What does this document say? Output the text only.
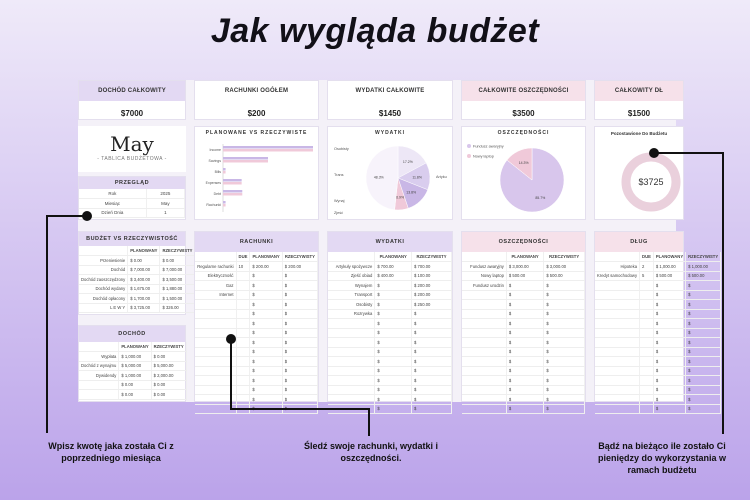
Jak wygląda budżet
DOCHÓD CAŁKOWITY
$7000
RACHUNKI OGÓŁEM
$200
WYDATKI CAŁKOWITE
$1450
CAŁKOWITE OSZCZĘDNOŚCI
$3500
CAŁKOWITY DŁ
$1500
May
- TABLICA BUDŻETOWA -
PRZEGLĄD
Rok	2025
Miesiąc	May
Dzień Dnia	1
PLANOWANE VS RZECZYWISTE
Income
Savings
Bills
Expenses
Debt
Rachunki
WYDATKI
17.2%
11.8%
13.8%
6.9%
48.3%
Osobisty
Trans
Wynaj
Zjeść
Artyku
OSZCZĘDNOŚCI
85.7%
14.3%
Fundusz awaryjny
Nowy laptop
Pozostawione Do Budżetu
$3725
BUDŻET VS RZECZYWISTOŚĆ
	PLANOWANY	RZECZYWISTY
Przeniesienie	$ 0.00	$ 0.00
Dochód	$ 7,000.00	$ 7,000.00
Dochód zaoszczędzony	$ 3,400.00	$ 3,500.00
Dochód wydany	$ 1,675.00	$ 1,880.00
Dochód opłacony	$ 1,700.00	$ 1,500.00
L E W Y	$ 3,725.00	$ 326.00
DOCHÓD
	PLANOWANY	RZECZYWISTY
Wypłata	$ 1,000.00	$ 0.00
Dochód z wynajmu	$ 5,000.00	$ 5,000.00
Dywidendy	$ 1,000.00	$ 2,000.00
	$ 0.00	$ 0.00
	$ 0.00	$ 0.00
RACHUNKI
	DUE	PLANOWANY	RZECZYWISTY
Regularne rachunki	10	$ 200.00	$ 200.00
Elektryczność		$	$
Gaz		$	$
Internet		$	$
		$	$
		$	$
		$	$
		$	$
		$	$
		$	$
		$	$
		$	$
		$	$
		$	$
		$	$

WYDATKI
	PLANOWANY	RZECZYWISTY
Artykuły spożywcze	$ 700.00	$ 700.00
Zjeść obiad	$ 400.00	$ 100.00
Wynajem	$	$ 200.00
Transport	$	$ 200.00
Osobisty	$	$ 250.00
Rozrywka	$	$
	$	$
	$	$
	$	$
	$	$
	$	$
	$	$
	$	$
	$	$
	$	$
	$	$
OSZCZĘDNOŚCI
	PLANOWANY	RZECZYWISTY
Fundusz awaryjny	$ 3,000.00	$ 3,000.00
Nowy laptop	$ 500.00	$ 500.00
Fundusz urodzin	$	$
	$	$
	$	$
	$	$
	$	$
	$	$
	$	$
	$	$
	$	$
	$	$
	$	$
	$	$
	$	$
	$	$
DŁUG
	DUE	PLANOWANY	RZECZYWISTY
Hipoteka	2	$ 1,000.00	$ 1,000.00
Kredyt samochodowy	5	$ 500.00	$ 500.00
		$	$
		$	$
		$	$
		$	$
		$	$
		$	$
		$	$
		$	$
		$	$
		$	$
		$	$
		$	$
		$	$
		$	$
Wpisz kwotę jaka została Ci z poprzedniego miesiąca
Śledź swoje rachunki, wydatki i oszczędności.
Bądź na bieżąco ile zostało Ci pieniędzy do wykorzystania w ramach budżetu
